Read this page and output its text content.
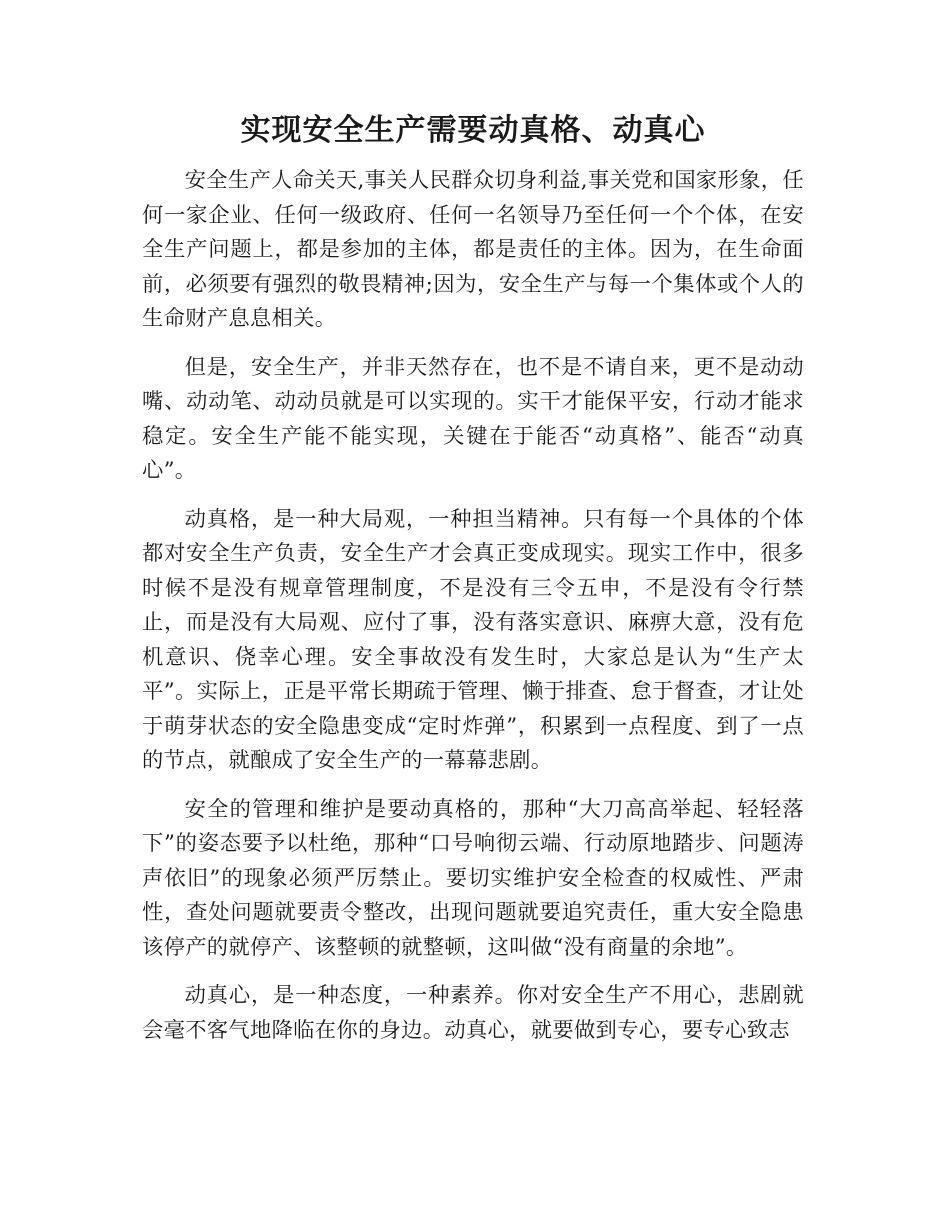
实现安全生产需要动真格、动真心

安全生产人命关天,事关人民群众切身利益,事关党和国家形象，任何一家企业、任何一级政府、任何一名领导乃至任何一个个体，在安全生产问题上，都是参加的主体，都是责任的主体。因为，在生命面前，必须要有强烈的敬畏精神;因为，安全生产与每一个集体或个人的生命财产息息相关。

但是，安全生产，并非天然存在，也不是不请自来，更不是动动嘴、动动笔、动动员就是可以实现的。实干才能保平安，行动才能求稳定。安全生产能不能实现，关键在于能否“动真格”、能否“动真心”。

动真格，是一种大局观，一种担当精神。只有每一个具体的个体都对安全生产负责，安全生产才会真正变成现实。现实工作中，很多时候不是没有规章管理制度，不是没有三令五申，不是没有令行禁止，而是没有大局观、应付了事，没有落实意识、麻痹大意，没有危机意识、侥幸心理。安全事故没有发生时，大家总是认为“生产太平”。实际上，正是平常长期疏于管理、懒于排查、怠于督查，才让处于萌芽状态的安全隐患变成“定时炸弹”，积累到一点程度、到了一点的节点，就酿成了安全生产的一幕幕悲剧。

安全的管理和维护是要动真格的，那种“大刀高高举起、轻轻落下”的姿态要予以杜绝，那种“口号响彻云端、行动原地踏步、问题涛声依旧”的现象必须严厉禁止。要切实维护安全检查的权威性、严肃性，查处问题就要责令整改，出现问题就要追究责任，重大安全隐患该停产的就停产、该整顿的就整顿，这叫做“没有商量的余地”。

动真心，是一种态度，一种素养。你对安全生产不用心，悲剧就会毫不客气地降临在你的身边。动真心，就要做到专心，要专心致志
